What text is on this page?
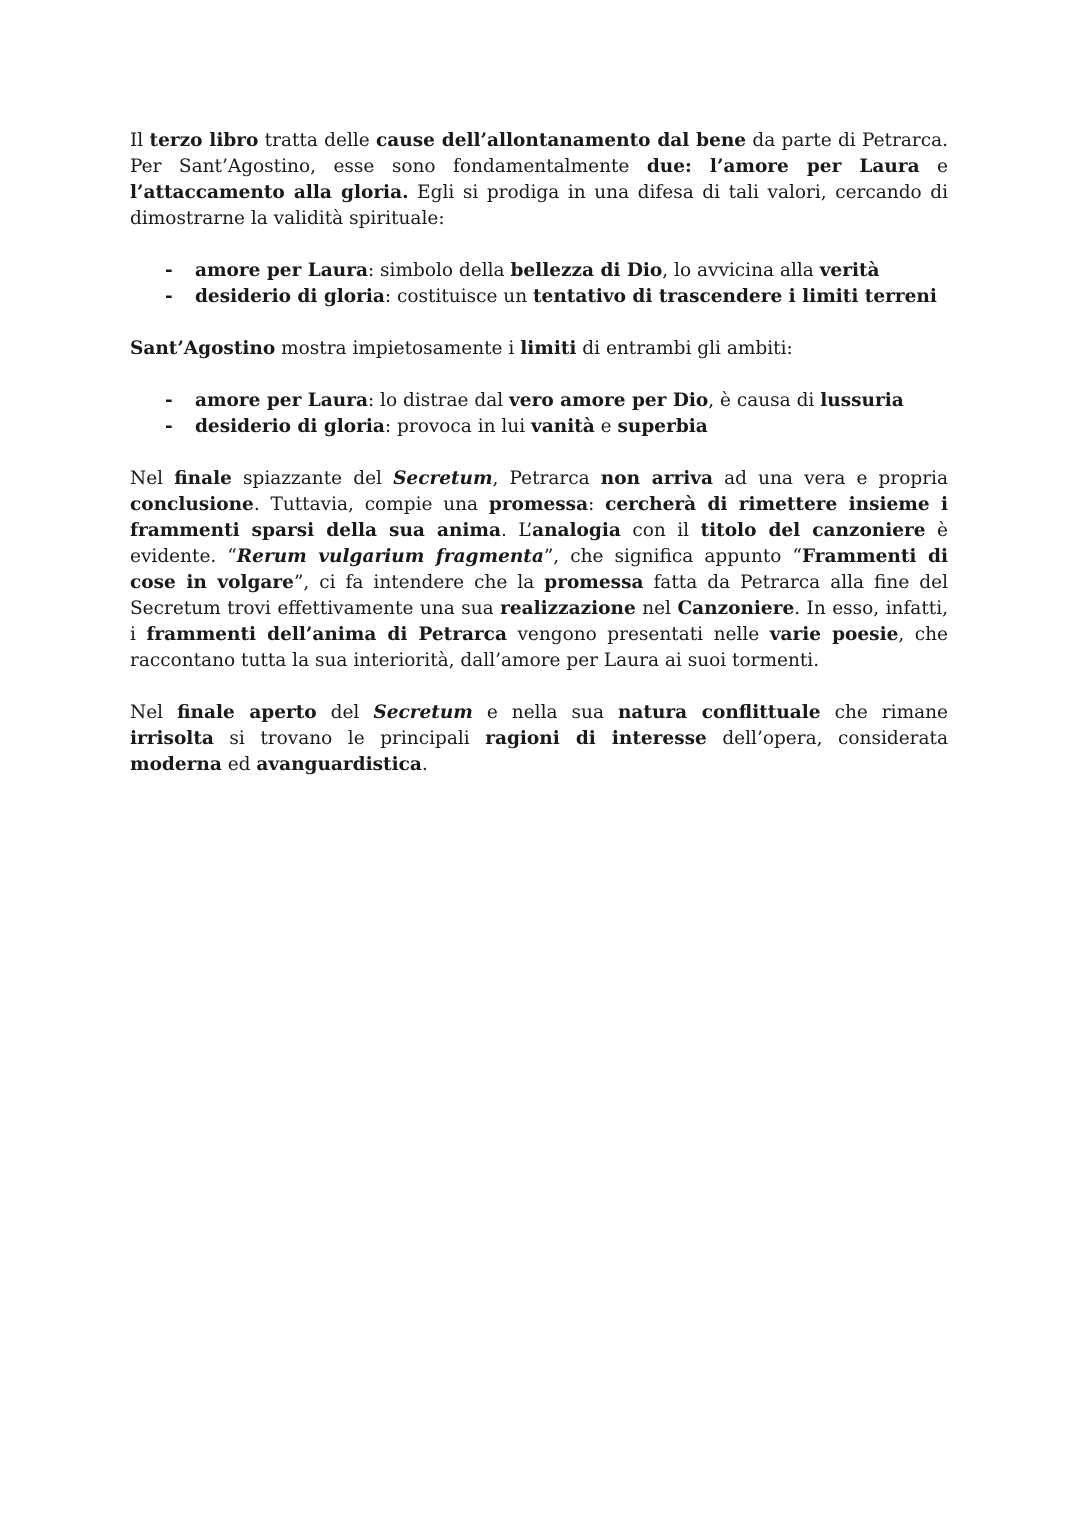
Il terzo libro tratta delle cause dell’allontanamento dal bene da parte di Petrarca. Per Sant’Agostino, esse sono fondamentalmente due: l’amore per Laura e l’attaccamento alla gloria. Egli si prodiga in una difesa di tali valori, cercando di dimostrarne la validità spirituale:

- amore per Laura: simbolo della bellezza di Dio, lo avvicina alla verità
- desiderio di gloria: costituisce un tentativo di trascendere i limiti terreni

Sant’Agostino mostra impietosamente i limiti di entrambi gli ambiti:

- amore per Laura: lo distrae dal vero amore per Dio, è causa di lussuria
- desiderio di gloria: provoca in lui vanità e superbia

Nel finale spiazzante del Secretum, Petrarca non arriva ad una vera e propria conclusione. Tuttavia, compie una promessa: cercherà di rimettere insieme i frammenti sparsi della sua anima. L’analogia con il titolo del canzoniere è evidente. “Rerum vulgarium fragmenta”, che significa appunto “Frammenti di cose in volgare”, ci fa intendere che la promessa fatta da Petrarca alla fine del Secretum trovi effettivamente una sua realizzazione nel Canzoniere. In esso, infatti, i frammenti dell’anima di Petrarca vengono presentati nelle varie poesie, che raccontano tutta la sua interiorità, dall’amore per Laura ai suoi tormenti.

Nel finale aperto del Secretum e nella sua natura conflittuale che rimane irrisolta si trovano le principali ragioni di interesse dell’opera, considerata moderna ed avanguardistica.
